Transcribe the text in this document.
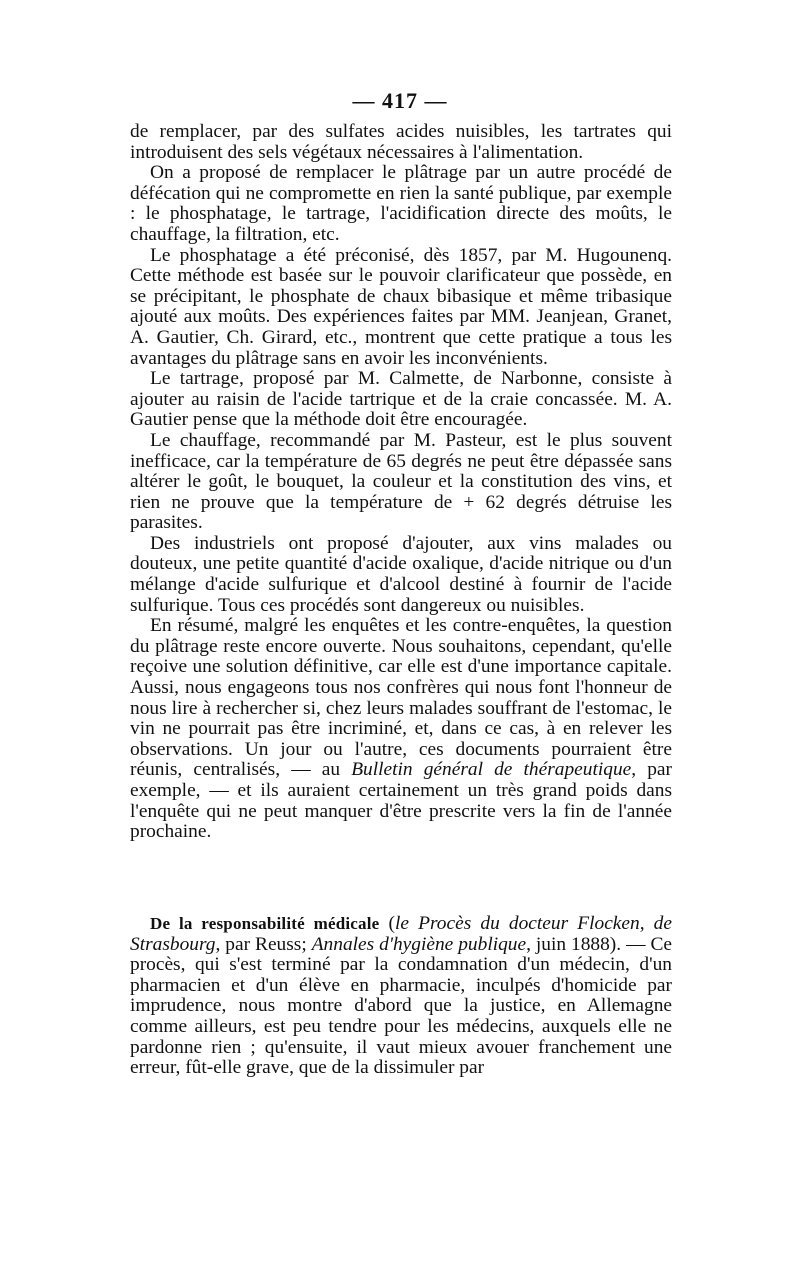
— 417 —

de remplacer, par des sulfates acides nuisibles, les tartrates qui introduisent des sels végétaux nécessaires à l'alimentation.

On a proposé de remplacer le plâtrage par un autre procédé de défécation qui ne compromette en rien la santé publique, par exemple : le phosphatage, le tartrage, l'acidification directe des moûts, le chauffage, la filtration, etc.

Le phosphatage a été préconisé, dès 1857, par M. Hugounenq. Cette méthode est basée sur le pouvoir clarificateur que possède, en se précipitant, le phosphate de chaux bibasique et même tribasique ajouté aux moûts. Des expériences faites par MM. Jeanjean, Granet, A. Gautier, Ch. Girard, etc., montrent que cette pratique a tous les avantages du plâtrage sans en avoir les inconvénients.

Le tartrage, proposé par M. Calmette, de Narbonne, consiste à ajouter au raisin de l'acide tartrique et de la craie concassée. M. A. Gautier pense que la méthode doit être encouragée.

Le chauffage, recommandé par M. Pasteur, est le plus souvent inefficace, car la température de 65 degrés ne peut être dépassée sans altérer le goût, le bouquet, la couleur et la constitution des vins, et rien ne prouve que la température de + 62 degrés détruise les parasites.

Des industriels ont proposé d'ajouter, aux vins malades ou douteux, une petite quantité d'acide oxalique, d'acide nitrique ou d'un mélange d'acide sulfurique et d'alcool destiné à fournir de l'acide sulfurique. Tous ces procédés sont dangereux ou nuisibles.

En résumé, malgré les enquêtes et les contre-enquêtes, la question du plâtrage reste encore ouverte. Nous souhaitons, cependant, qu'elle reçoive une solution définitive, car elle est d'une importance capitale. Aussi, nous engageons tous nos confrères qui nous font l'honneur de nous lire à rechercher si, chez leurs malades souffrant de l'estomac, le vin ne pourrait pas être incriminé, et, dans ce cas, à en relever les observations. Un jour ou l'autre, ces documents pourraient être réunis, centralisés, — au Bulletin général de thérapeutique, par exemple, — et ils auraient certainement un très grand poids dans l'enquête qui ne peut manquer d'être prescrite vers la fin de l'année prochaine.

De la responsabilité médicale (le Procès du docteur Flocken, de Strasbourg, par Reuss; Annales d'hygiène publique, juin 1888). — Ce procès, qui s'est terminé par la condamnation d'un médecin, d'un pharmacien et d'un élève en pharmacie, inculpés d'homicide par imprudence, nous montre d'abord que la justice, en Allemagne comme ailleurs, est peu tendre pour les médecins, auxquels elle ne pardonne rien ; qu'ensuite, il vaut mieux avouer franchement une erreur, fût-elle grave, que de la dissimuler par
